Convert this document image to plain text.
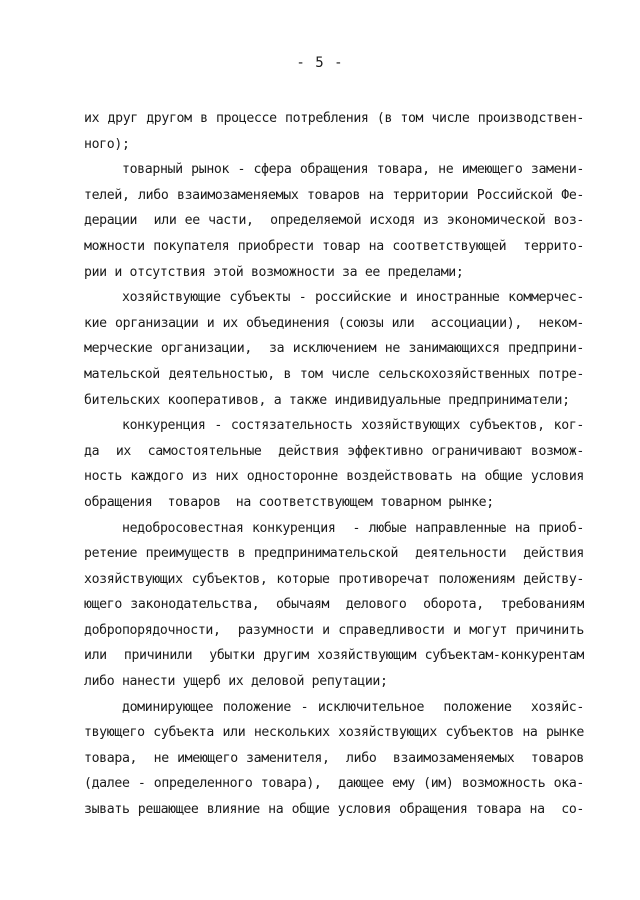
- 5 -
их друг другом в процессе потребления (в том числе производствен-
ного);
товарный рынок - сфера обращения товара, не имеющего замени-
телей, либо взаимозаменяемых товаров на территории Российской Фе-
дерации  или ее части,  определяемой исходя из экономической воз-
можности покупателя приобрести товар на соответствующей  террито-
рии и отсутствия этой возможности за ее пределами;
хозяйствующие субъекты - российские и иностранные коммерчес-
кие организации и их объединения (союзы или  ассоциации),  неком-
мерческие организации,  за исключением не занимающихся предприни-
мательской деятельностью, в том числе сельскохозяйственных потре-
бительских кооперативов, а также индивидуальные предприниматели;
конкуренция - состязательность хозяйствующих субъектов, ког-
да  их  самостоятельные  действия эффективно ограничивают возмож-
ность каждого из них односторонне воздействовать на общие условия
обращения  товаров  на соответствующем товарном рынке;
недобросовестная конкуренция  - любые направленные на приоб-
ретение преимуществ в предпринимательской  деятельности  действия
хозяйствующих субъектов, которые противоречат положениям действу-
ющего законодательства,  обычаям  делового  оборота,  требованиям
добропорядочности,  разумности и справедливости и могут причинить
или  причинили  убытки другим хозяйствующим субъектам-конкурентам
либо нанести ущерб их деловой репутации;
доминирующее положение - исключительное  положение  хозяйс-
твующего субъекта или нескольких хозяйствующих субъектов на рынке
товара,  не имеющего заменителя,  либо  взаимозаменяемых  товаров
(далее - определенного товара),  дающее ему (им) возможность ока-
зывать решающее влияние на общие условия обращения товара на  со-
